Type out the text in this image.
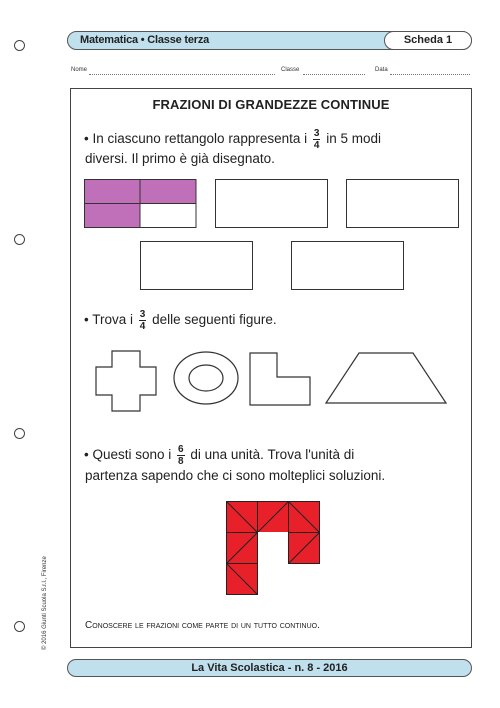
Matematica • Classe terza	Scheda 1
Nome	Classe	Data
FRAZIONI DI GRANDEZZE CONTINUE
• In ciascuno rettangolo rappresenta i $\frac{3}{4}$ in 5 modi
diversi. Il primo è già disegnato.
• Trova i $\frac{3}{4}$ delle seguenti figure.
• Questi sono i $\frac{6}{8}$ di una unità. Trova l'unità di
partenza sapendo che ci sono molteplici soluzioni.
Conoscere le frazioni come parte di un tutto continuo.
© 2016 Giunti Scuola S.r.l., Firenze
La Vita Scolastica - n. 8 - 2016
